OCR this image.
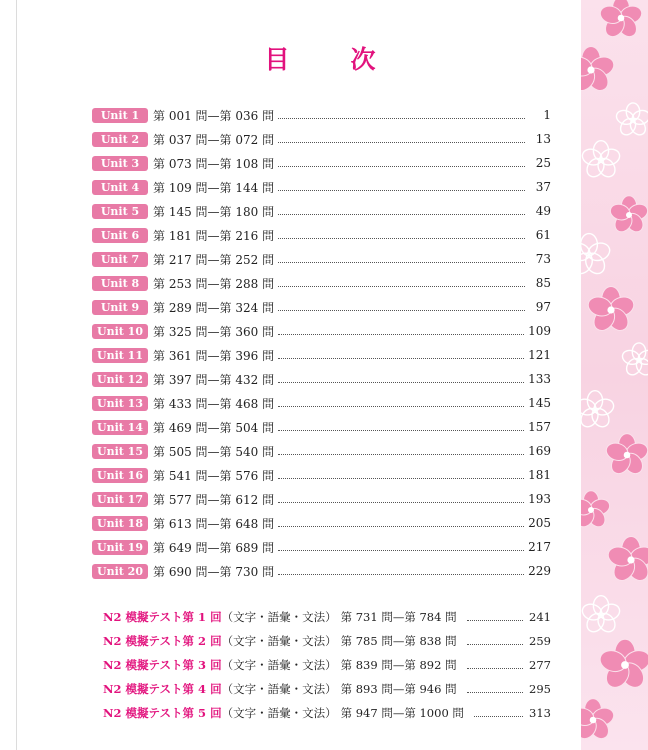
目　次
Unit 1	第 001 問—第 036 問	1
Unit 2	第 037 問—第 072 問	13
Unit 3	第 073 問—第 108 問	25
Unit 4	第 109 問—第 144 問	37
Unit 5	第 145 問—第 180 問	49
Unit 6	第 181 問—第 216 問	61
Unit 7	第 217 問—第 252 問	73
Unit 8	第 253 問—第 288 問	85
Unit 9	第 289 問—第 324 問	97
Unit 10 第 325 問—第 360 問	109
Unit 11 第 361 問—第 396 問	121
Unit 12 第 397 問—第 432 問	133
Unit 13 第 433 問—第 468 問	145
Unit 14 第 469 問—第 504 問	157
Unit 15 第 505 問—第 540 問	169
Unit 16 第 541 問—第 576 問	181
Unit 17 第 577 問—第 612 問	193
Unit 18 第 613 問—第 648 問	205
Unit 19 第 649 問—第 689 問	217
Unit 20 第 690 問—第 730 問	229
N2 模擬テスト第 1 回 （文字・語彙・文法） 第 731 問—第 784 問	241
N2 模擬テスト第 2 回 （文字・語彙・文法） 第 785 問—第 838 問	259
N2 模擬テスト第 3 回 （文字・語彙・文法） 第 839 問—第 892 問	277
N2 模擬テスト第 4 回 （文字・語彙・文法） 第 893 問—第 946 問	295
N2 模擬テスト第 5 回 （文字・語彙・文法） 第 947 問—第 1000 問	313
